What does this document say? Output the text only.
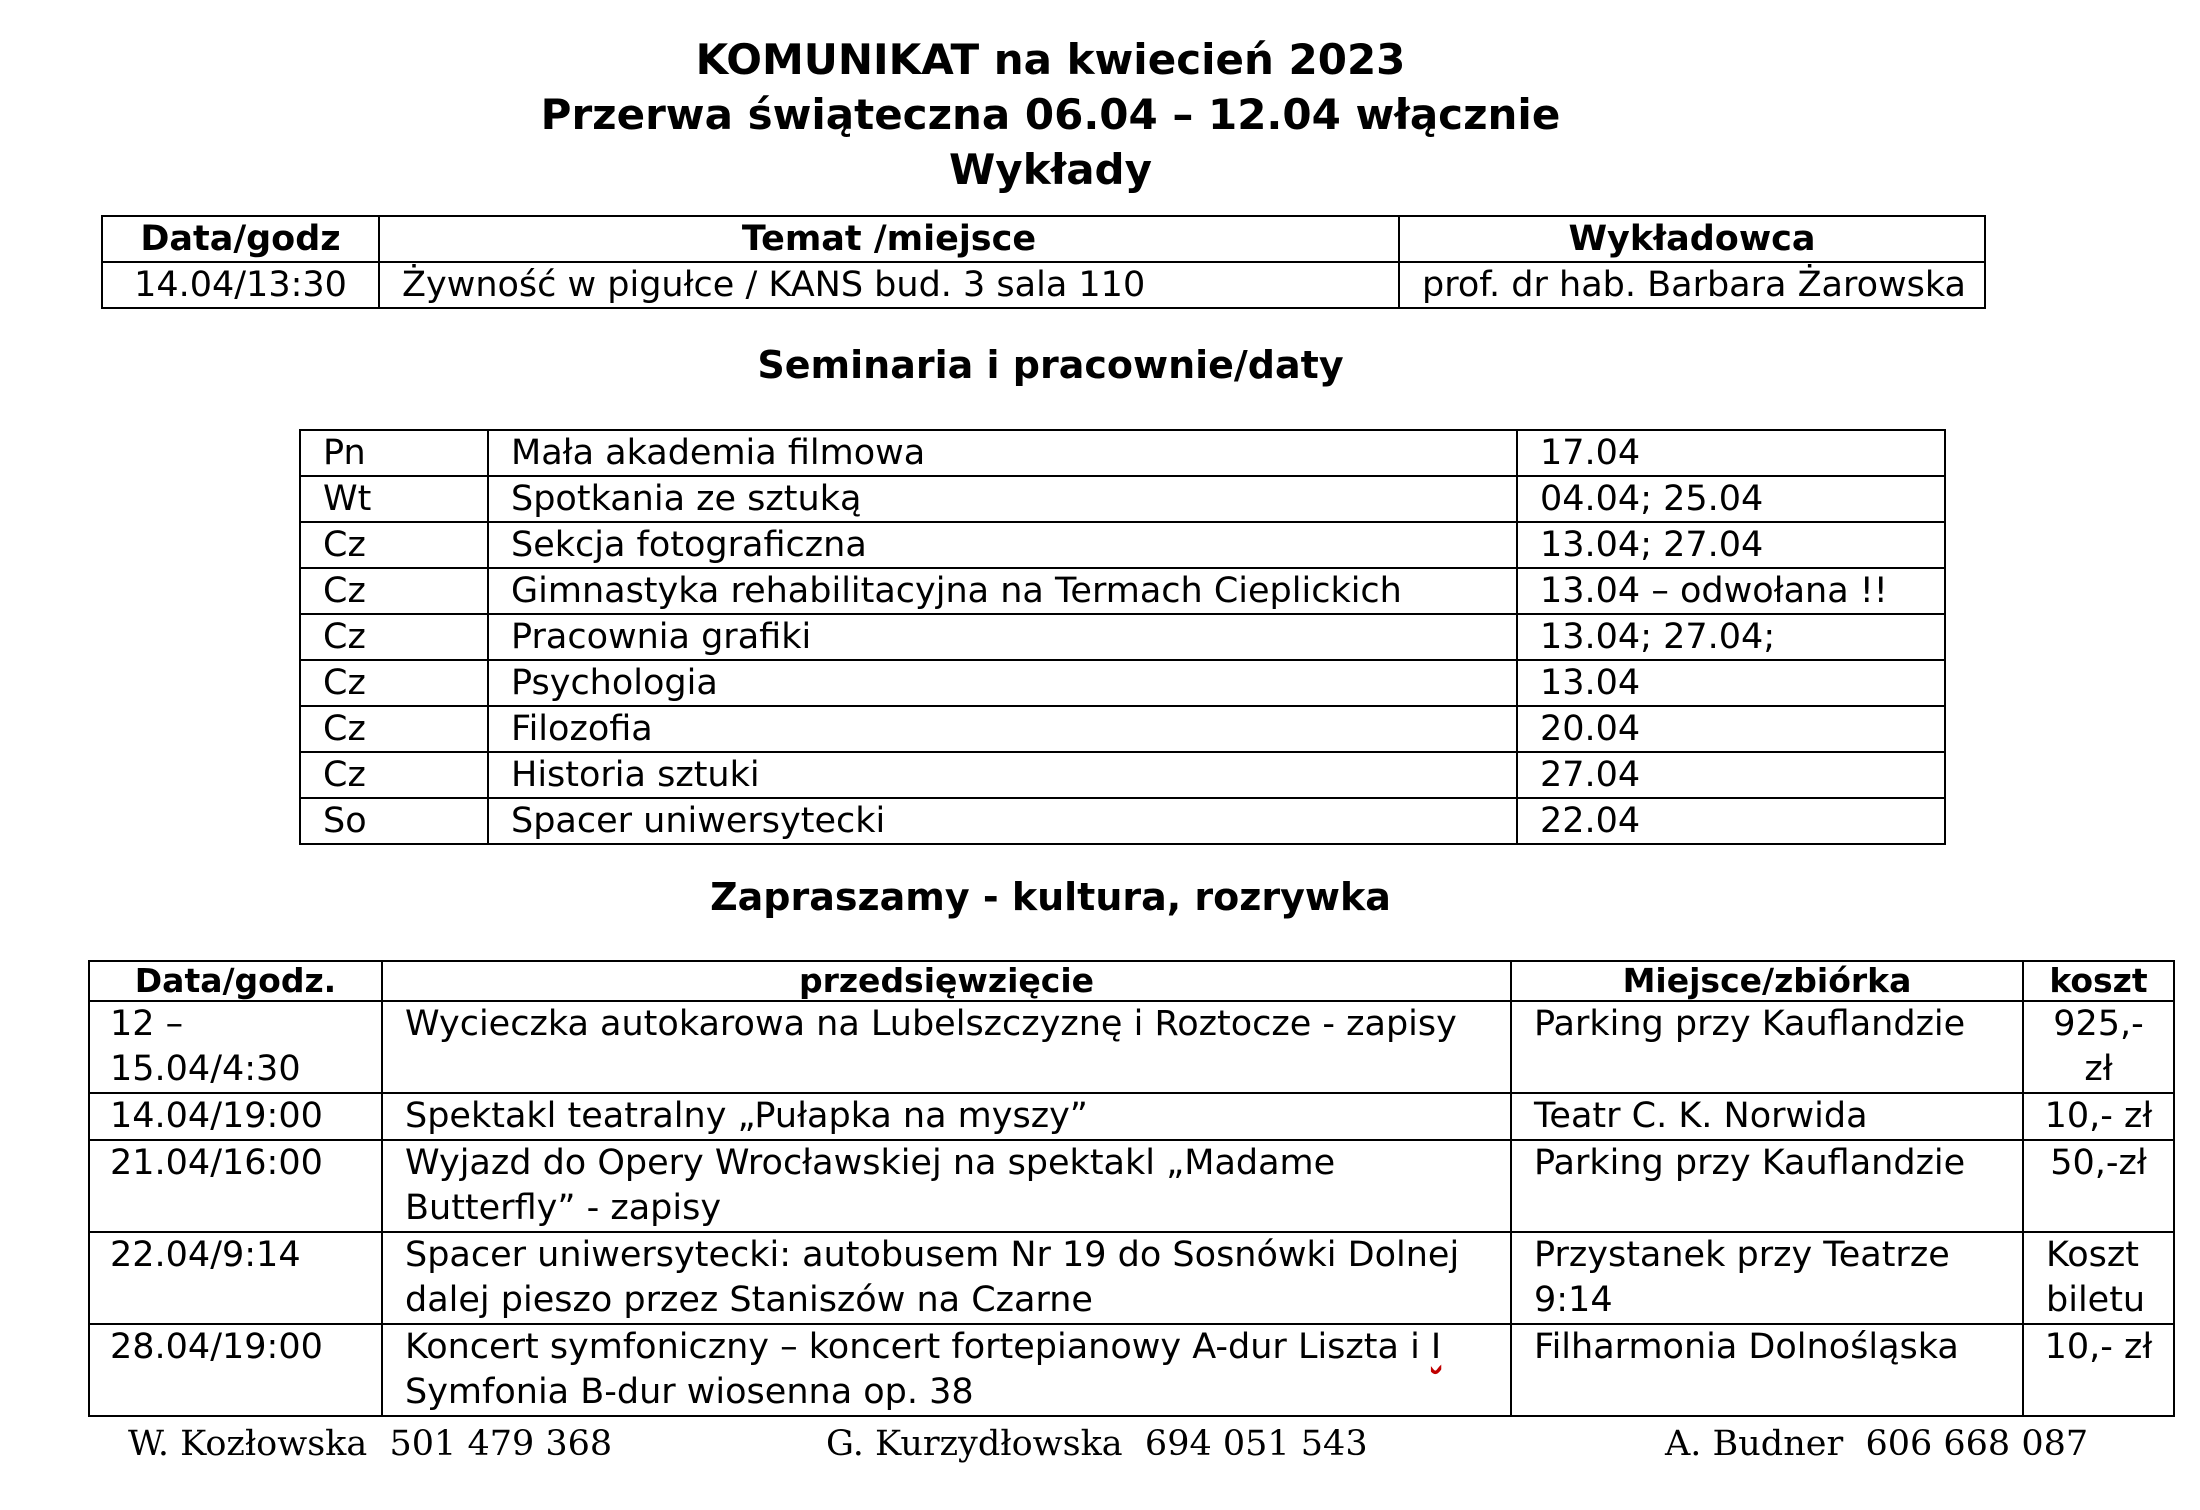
KOMUNIKAT na kwiecień 2023
Przerwa świąteczna 06.04 – 12.04 włącznie
Wykłady
Data/godz	Temat /miejsce	Wykładowca
14.04/13:30	Żywność w pigułce / KANS bud. 3 sala 110	prof. dr hab. Barbara Żarowska
Seminaria i pracownie/daty
Pn	Mała akademia filmowa	17.04
Wt	Spotkania ze sztuką	04.04; 25.04
Cz	Sekcja fotograficzna	13.04; 27.04
Cz	Gimnastyka rehabilitacyjna na Termach Cieplickich	13.04 – odwołana !!
Cz	Pracownia grafiki	13.04; 27.04;
Cz	Psychologia	13.04
Cz	Filozofia	20.04
Cz	Historia sztuki	27.04
So	Spacer uniwersytecki	22.04
Zapraszamy - kultura, rozrywka
Data/godz.	przedsięwzięcie	Miejsce/zbiórka	koszt
12 –15.04/4:30	Wycieczka autokarowa na Lubelszczyznę i Roztocze - zapisy	Parking przy Kauflandzie	925,- zł
14.04/19:00	Spektakl teatralny „Pułapka na myszy”	Teatr C. K. Norwida	10,- zł
21.04/16:00	Wyjazd do Opery Wrocławskiej na spektakl „Madame Butterfly” - zapisy	Parking przy Kauflandzie	50,-zł
22.04/9:14	Spacer uniwersytecki: autobusem Nr 19 do Sosnówki Dolnej dalej pieszo przez Staniszów na Czarne	Przystanek przy Teatrze 9:14	Koszt biletu
28.04/19:00	Koncert symfoniczny – koncert fortepianowy A-dur Liszta i I Symfonia B-dur wiosenna op. 38	Filharmonia Dolnośląska	10,- zł
W. Kozłowska 501 479 368	G. Kurzydłowska 694 051 543	A. Budner 606 668 087
